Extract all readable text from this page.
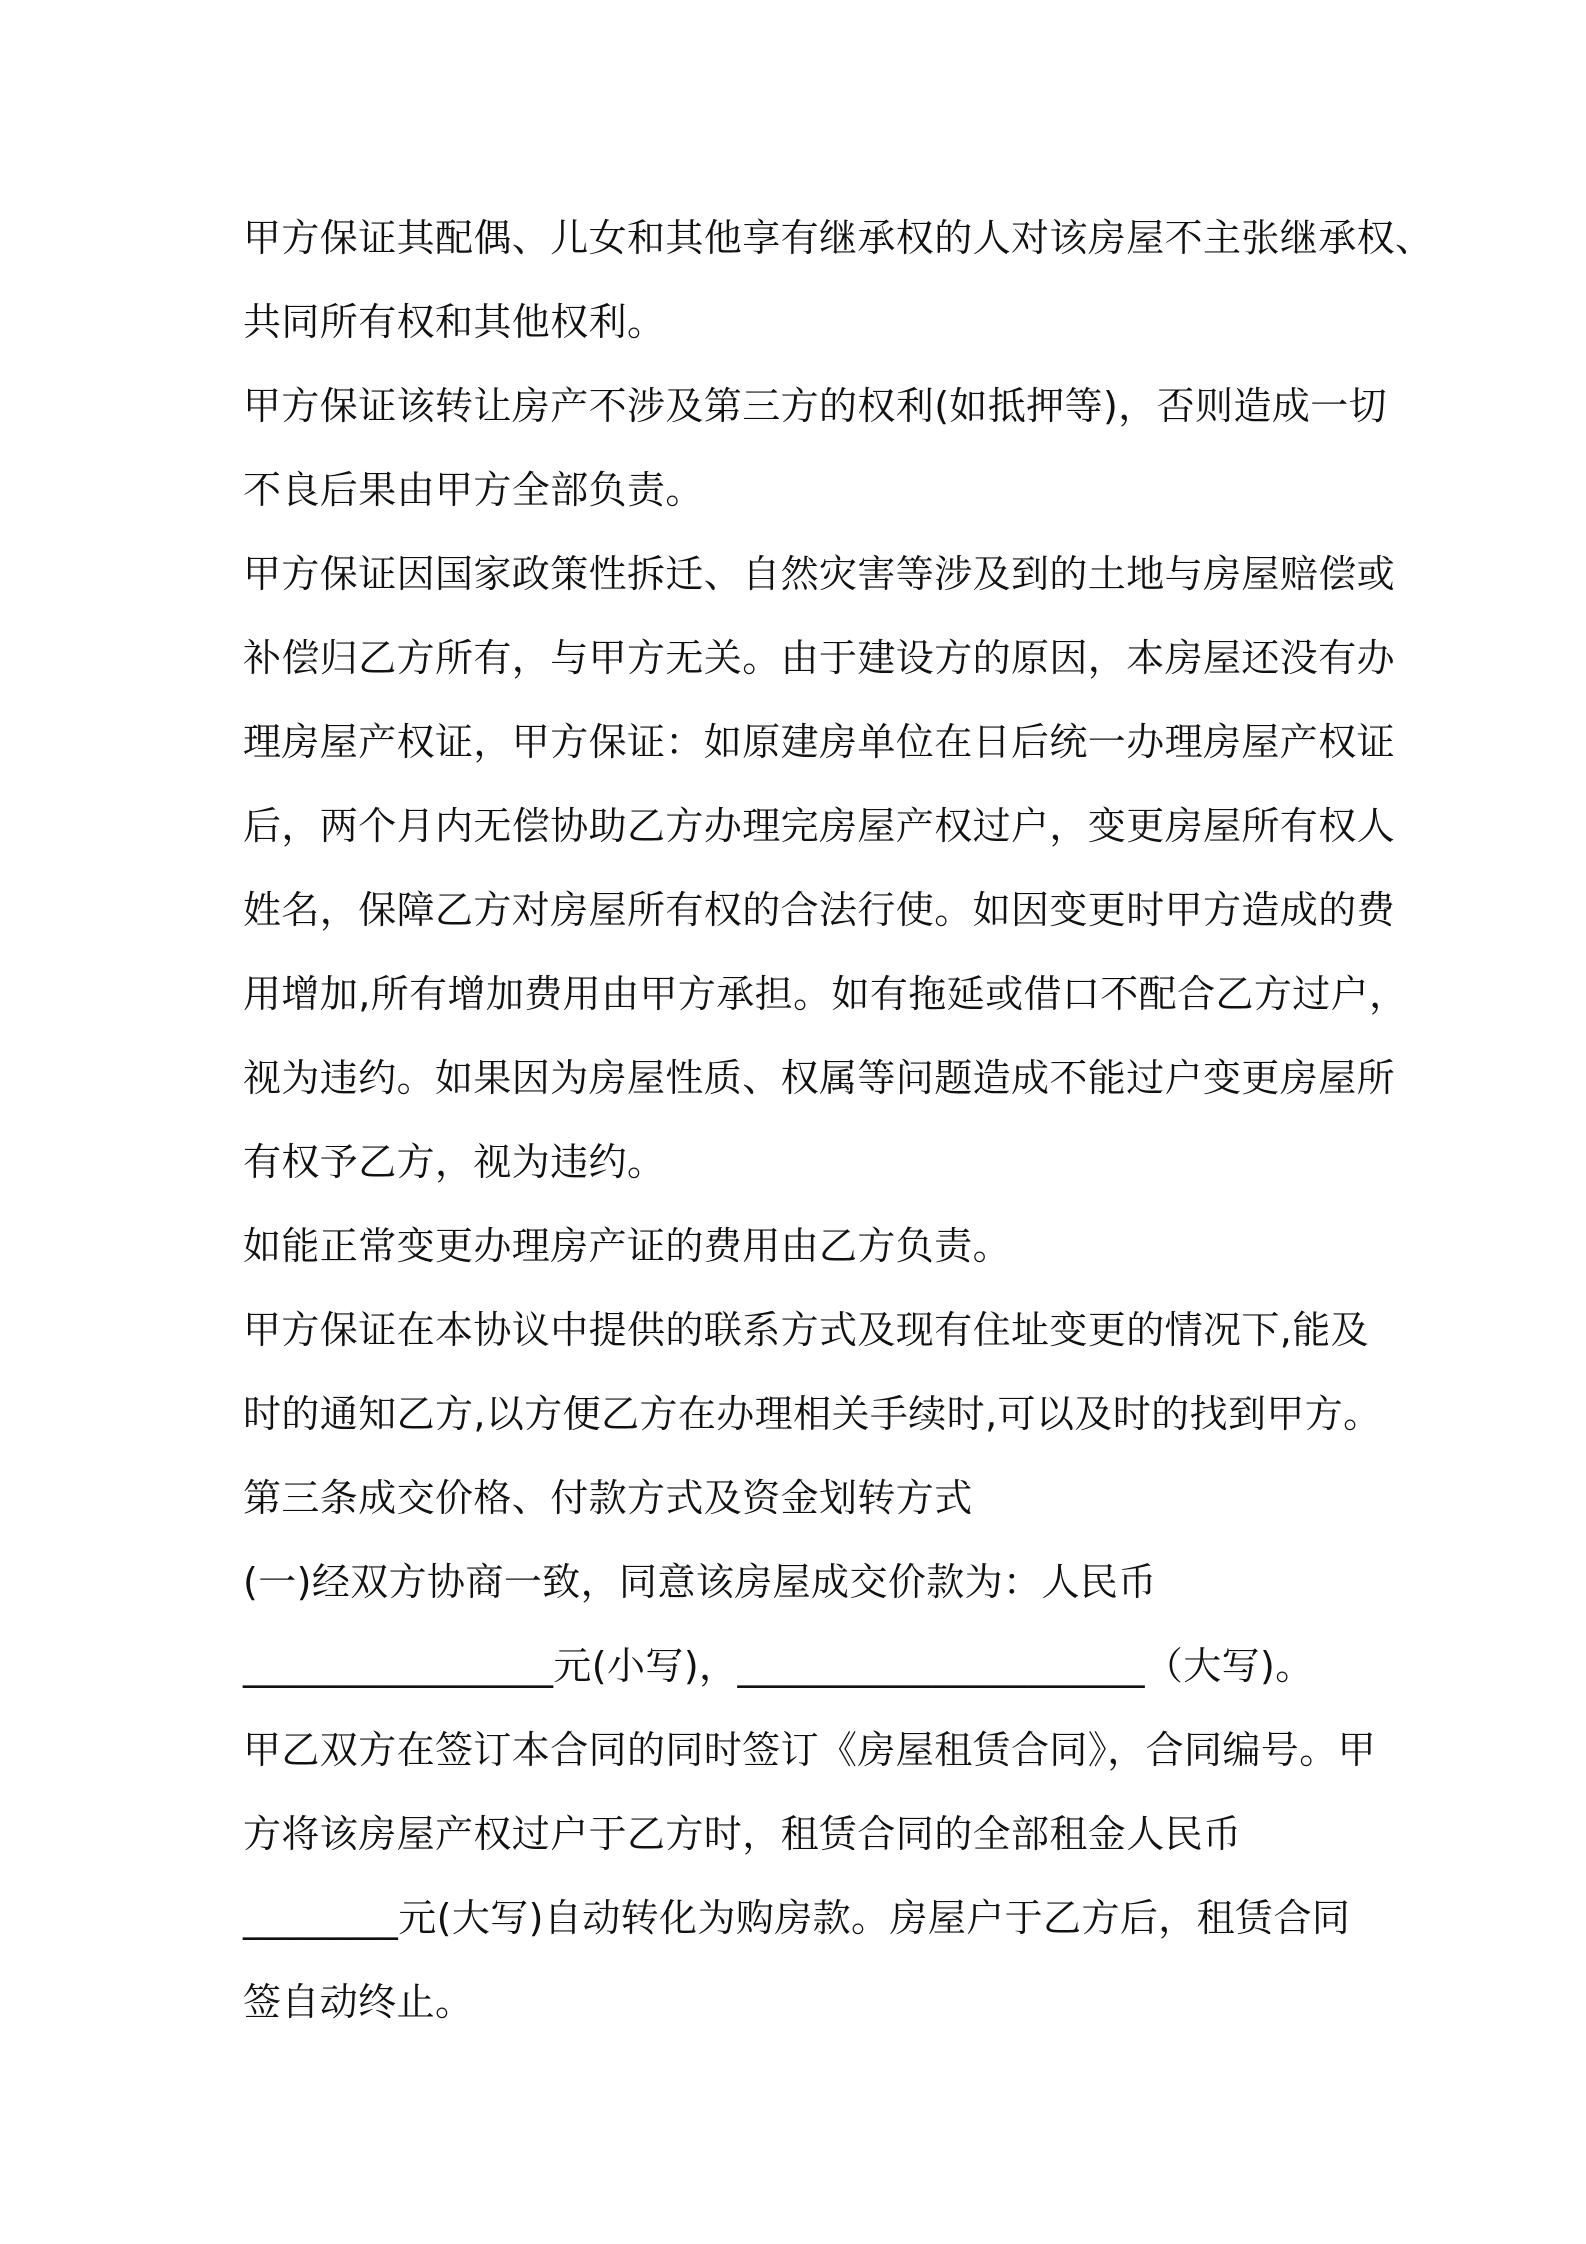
甲方保证其配偶、儿女和其他享有继承权的人对该房屋不主张继承权、
共同所有权和其他权利。
甲方保证该转让房产不涉及第三方的权利(如抵押等)，否则造成一切
不良后果由甲方全部负责。
甲方保证因国家政策性拆迁、自然灾害等涉及到的土地与房屋赔偿或
补偿归乙方所有，与甲方无关。由于建设方的原因，本房屋还没有办
理房屋产权证，甲方保证：如原建房单位在日后统一办理房屋产权证
后，两个月内无偿协助乙方办理完房屋产权过户，变更房屋所有权人
姓名，保障乙方对房屋所有权的合法行使。如因变更时甲方造成的费
用增加,所有增加费用由甲方承担。如有拖延或借口不配合乙方过户，
视为违约。如果因为房屋性质、权属等问题造成不能过户变更房屋所
有权予乙方，视为违约。
如能正常变更办理房产证的费用由乙方负责。
甲方保证在本协议中提供的联系方式及现有住址变更的情况下,能及
时的通知乙方,以方便乙方在办理相关手续时,可以及时的找到甲方。
第三条成交价格、付款方式及资金划转方式
(一)经双方协商一致，同意该房屋成交价款为：人民币
________________元(小写)，_____________________（大写)。
甲乙双方在签订本合同的同时签订《房屋租赁合同》，合同编号。甲
方将该房屋产权过户于乙方时，租赁合同的全部租金人民币
________元(大写)自动转化为购房款。房屋户于乙方后，租赁合同
签自动终止。
